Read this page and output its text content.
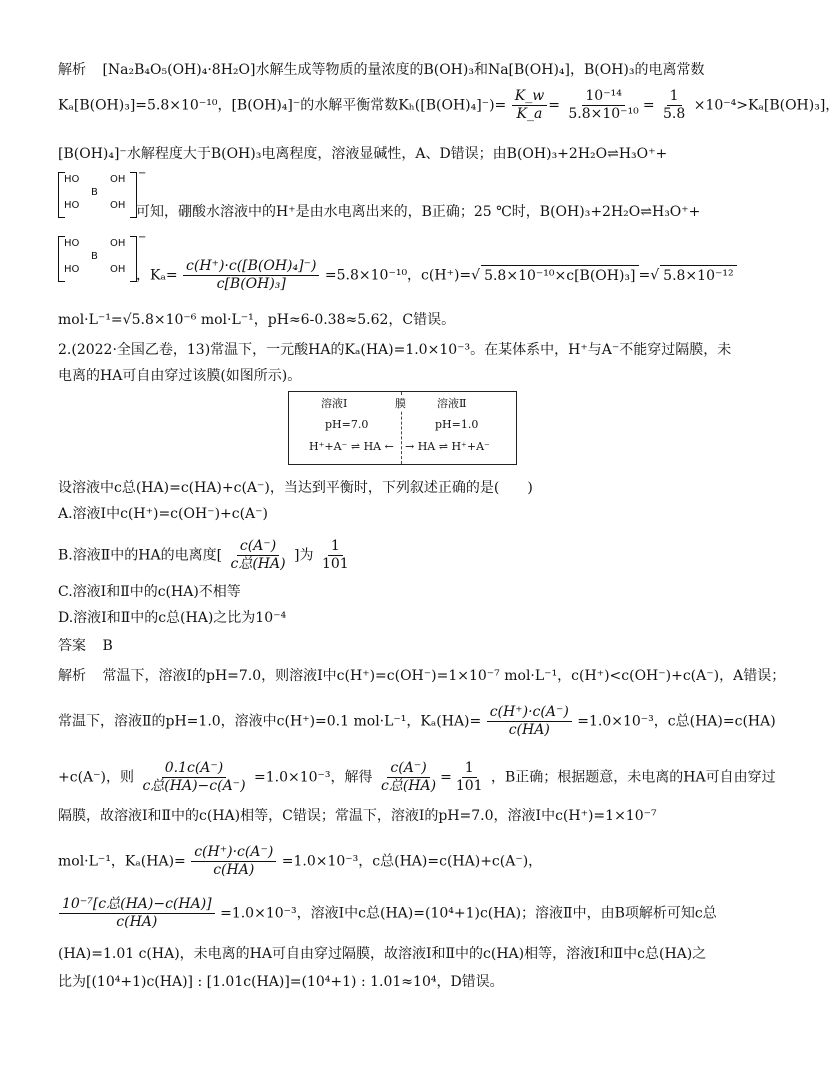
解析 [Na₂B₄O₅(OH)₄·8H₂O]水解生成等物质的量浓度的B(OH)₃和Na[B(OH)₄]，B(OH)₃的电离常数
Kₐ[B(OH)₃]=5.8×10⁻¹⁰，[B(OH)₄]⁻的水解平衡常数$K_h([B(OH)_4]^-)= \frac{K\_w}{K\_a} = \frac{\text{10⁻¹⁴}}{\text{5.8×10⁻¹⁰}} = \frac{1}{5.8} \times 10^{-4}>K_a[B(OH)_3]$，
[B(OH)₄]⁻水解程度大于B(OH)₃电离程度，溶液显碱性，A、D错误；由B(OH)₃+2H₂O⇌H₃O⁺+
HO	OH
B
HO	OH
−
可知，硼酸水溶液中的H⁺是由水电离出来的，B正确；25 ℃时，B(OH)₃+2H₂O⇌H₃O⁺+
HO	OH
B
HO	OH
−
，$K_a= \frac{\text{c(H⁺)·c([B(OH)₄]⁻)}}{\text{c[B(OH)₃]}} =5.8\times 10^{-10}$，c(H⁺)=√ 5.8×10⁻¹⁰×c[B(OH)₃] =√ 5.8×10⁻¹²
mol·L⁻¹=√5.8×10⁻⁶ mol·L⁻¹，pH≈6-0.38≈5.62，C错误。
2.(2022·全国乙卷，13)常温下，一元酸HA的Kₐ(HA)=1.0×10⁻³。在某体系中，H⁺与A⁻不能穿过隔膜，未
电离的HA可自由穿过该膜(如图所示)。
溶液Ⅰ	膜	溶液Ⅱ
pH=7.0	pH=1.0
H⁺+A⁻ ⇌ HA ← → HA ⇌ H⁺+A⁻
设溶液中c总(HA)=c(HA)+c(A⁻)，当达到平衡时，下列叙述正确的是(　　)
A.溶液Ⅰ中c(H⁺)=c(OH⁻)+c(A⁻)
B.溶液Ⅱ中的HA的电离度[ $\frac{c(A^-)}{\text{c总(HA)}}$ ]为 $\frac{1}{101}$
C.溶液Ⅰ和Ⅱ中的c(HA)不相等
D.溶液Ⅰ和Ⅱ中的c总(HA)之比为10⁻⁴
答案 B
解析 常温下，溶液Ⅰ的pH=7.0，则溶液Ⅰ中c(H⁺)=c(OH⁻)=1×10⁻⁷ mol·L⁻¹，c(H⁺)<c(OH⁻)+c(A⁻)，A错误；
常温下，溶液Ⅱ的pH=1.0，溶液中c(H⁺)=0.1 mol·L⁻¹，$K_a(HA)= \frac{c(H^+)\cdot c(A^-)}{c(HA)} =1.0\times 10^{-3}$，c总(HA)=c(HA)
+c(A⁻)，则 $\frac{0.1c(A^-)}{\text{c总(HA)−c(A⁻)}} =1.0\times 10^{-3}$，解得 $\frac{c(A^-)}{\text{c总(HA)}} = \frac{1}{101}$ ，B正确；根据题意，未电离的HA可自由穿过
隔膜，故溶液Ⅰ和Ⅱ中的c(HA)相等，C错误；常温下，溶液Ⅰ的pH=7.0，溶液Ⅰ中c(H⁺)=1×10⁻⁷
mol·L⁻¹，$K_a(HA)= \frac{c(H^+)\cdot c(A^-)}{c(HA)} =1.0\times 10^{-3}$，c总(HA)=c(HA)+c(A⁻)，
$\frac{\text{10⁻⁷[c总(HA)−c(HA)]}}{c(HA)} =1.0\times 10^{-3}$，溶液Ⅰ中c总(HA)=(10⁴+1)c(HA)；溶液Ⅱ中，由B项解析可知c总
(HA)=1.01 c(HA)，未电离的HA可自由穿过隔膜，故溶液Ⅰ和Ⅱ中的c(HA)相等，溶液Ⅰ和Ⅱ中c总(HA)之
比为[(10⁴+1)c(HA)] : [1.01c(HA)]=(10⁴+1) : 1.01≈10⁴，D错误。
